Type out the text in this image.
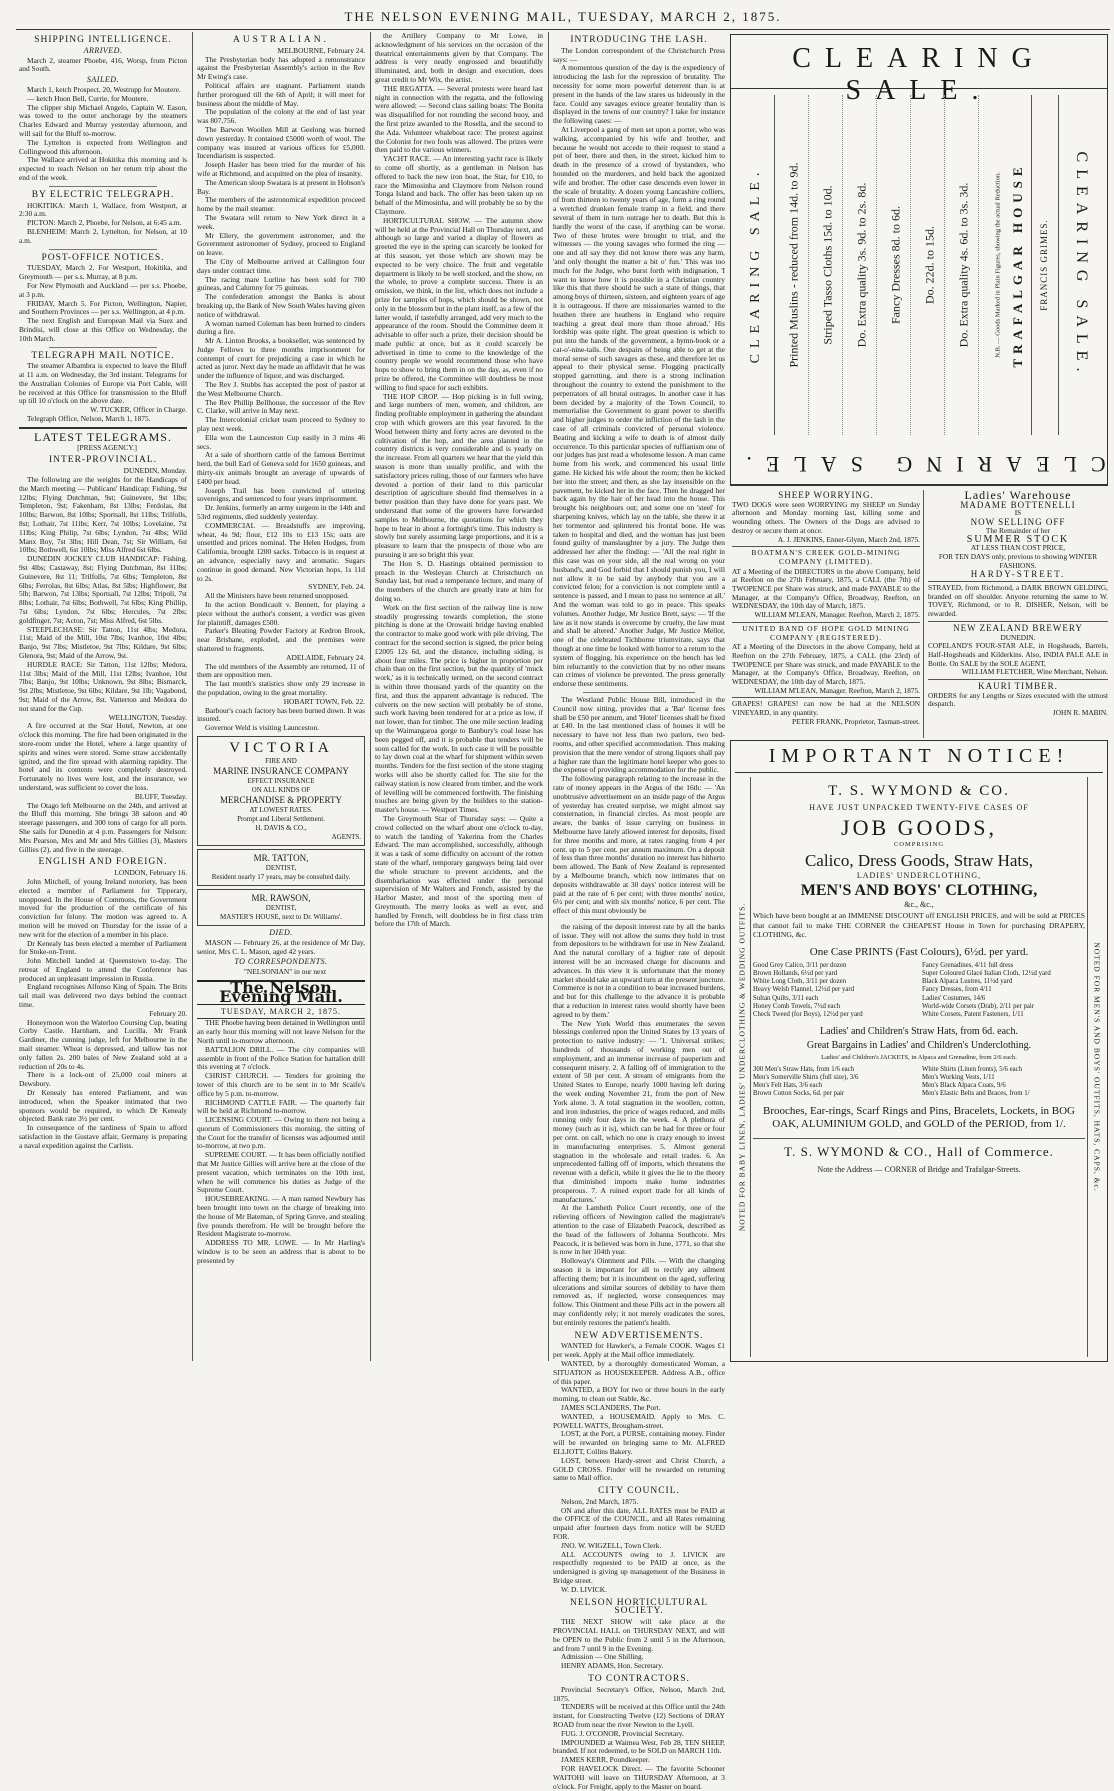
THE NELSON EVENING MAIL, TUESDAY, MARCH 2, 1875.
SHIPPING INTELLIGENCE.
ARRIVED.

March 2, steamer Phoebe, 416, Worsp, from Picton and South.

SAILED.

March 1, ketch Prospect, 20, Westrupp for Moutere.

— ketch Huon Bell, Currie, for Moutere.

The clipper ship Michael Angelo, Captain W. Eason, was towed to the outer anchorage by the steamers Charles Edward and Murray yesterday afternoon, and will sail for the Bluff to-morrow.

The Lyttelton is expected from Wellington and Collingwood this afternoon.

The Wallace arrived at Hokitika this morning and is expected to reach Nelson on her return trip about the end of the week.

BY ELECTRIC TELEGRAPH.

HOKITIKA: March 1, Wallace, from Westport, at 2:30 a.m.

PICTON: March 2, Phoebe, for Nelson, at 6:45 a.m.

BLENHEIM: March 2, Lyttelton, for Nelson, at 10 a.m.

POST-OFFICE NOTICES.

TUESDAY, March 2. For Westport, Hokitika, and Greymouth — per s.s. Murray, at 8 p.m.

For New Plymouth and Auckland — per s.s. Phoebe, at 3 p.m.

FRIDAY, March 5. For Picton, Wellington, Napier, and Southern Provinces — per s.s. Wellington, at 4 p.m.

The next English and European Mail via Suez and Brindisi, will close at this Office on Wednesday, the 10th March.

TELEGRAPH MAIL NOTICE.

The steamer Albambra is expected to leave the Bluff at 11 a.m. on Wednesday, the 3rd instant. Telegrams for the Australian Colonies of Europe via Port Cable, will be received at this Office for transmission to the Bluff up till 10 o'clock on the above date.

W. TUCKER, Officer in Charge.

Telegraph Office, Nelson, March 1, 1875.

LATEST TELEGRAMS.

[PRESS AGENCY.]

INTER-PROVINCIAL.

DUNEDIN, Monday.

The following are the weights for the Handicaps of the March meeting — Publicans' Handicap: Fishing, 9st 12lbs; Flying Dutchman, 9st; Guinevere, 9st 1lbs; Templeton, 9st; Fakenham, 8st 13lbs; Ferdolas, 8st 10lbs; Barwon, 8st 10lbs; Sportsall, 8st 11lbs; Trilfolls, 8st; Lothair, 7st 11lbs; Kerr, 7st 10lbs; Lovelaine, 7st 11lbs; King Philip, 7st 6lbs; Lyndon, 7st 4lbs; Wild Manx Boy, 7st 3lbs; Hill Dean, 7st; Sir William, 6st 10lbs; Bothwell, 6st 10lbs; Miss Alfred 6st 6lbs.

DUNEDIN JOCKEY CLUB HANDICAP: Fishing, 9st 4lbs; Castaway, 8st; Flying Dutchman, 8st 11lbs; Guinevere, 8st 11; Trilfolls, 7st 6lbs; Templeton, 8st 6lbs; Ferrolas, 8st 6lbs; Atlas, 8st 5lbs; Highflower, 8st 5lb; Barwon, 7st 13lbs; Sportsall, 7st 12lbs; Tripoli, 7st 8lbs; Lothair, 7st 6lbs; Bothwell, 7st 6lbs; King Phillip, 7st 6lbs; Lyndon, 7st 6lbs; Hercules, 7st 2lbs; goldfinger, 7st; Acton, 7st; Miss Alfred, 6st 5lbs.

STEEPLECHASE: Sir Tatton, 11st 4lbs; Medora, 11st; Maid of the Mill, 10st 7lbs; Ivanhoe, 10st 4lbs; Banjo, 9st 7lbs; Mistletoe, 9st 7lbs; Kildare, 9st 6lbs; Glenora, 9st; Maid of the Arrow, 9st.

HURDLE RACE: Sir Tatton, 11st 12lbs; Medora, 11st 3lbs; Maid of the Mill, 11st 12lbs; Ivanhoe, 10st 7lbs; Banjo, 9st 10lbs; Unknown, 9st 8lbs; Bismarck, 9st 2lbs; Mistletoe, 9st 6lbs; Kildare, 9st 1lb; Vagabond, 9st; Maid of the Arrow, 8st. Vatterton and Medora do not stand for the Cup.

WELLINGTON, Tuesday.

A fire occurred at the Star Hotel, Newton, at one o'clock this morning. The fire had been originated in the store-room under the Hotel, where a large quantity of spirits and wines were stored. Some straw accidentally ignited, and the fire spread with alarming rapidity. The hotel and its contents were completely destroyed. Fortunately no lives were lost, and the insurance, we understand, was sufficient to cover the loss.

BLUFF, Tuesday.

The Otago left Melbourne on the 24th, and arrived at the Bluff this morning. She brings 38 saloon and 40 steerage passengers, and 300 tons of cargo for all ports. She sails for Dunedin at 4 p.m. Passengers for Nelson: Mrs Pearson, Mrs and Mr and Mrs Gillies (3), Masters Gillies (2), and five in the steerage.

ENGLISH AND FOREIGN.

LONDON, February 16.

John Mitchell, of young Ireland notoriety, has been elected a member of Parliament for Tipperary, unopposed. In the House of Commons, the Government moved for the production of the certificate of his conviction for felony. The motion was agreed to. A motion will be moved on Thursday for the issue of a new writ for the election of a member in his place.

Dr Kenealy has been elected a member of Parliament for Stoke-on-Trent.

John Mitchell landed at Queenstown to-day. The retreat of England to attend the Conference has produced an unpleasant impression in Russia.

England recognises Alfonso King of Spain. The Brits tail mail was delivered two days behind the contract time.

February 20.

Honeymoon won the Waterloo Coursing Cup, beating Corby Castle. Harnham, and Lucilla. Mr Frank Gardiner, the cunning judge, left for Melbourne in the mail steamer. Wheat is depressed, and tallow has not only fallen 2s. 200 bales of New Zealand sold at a reduction of 20s to 4s.

There is a lock-out of 25,000 coal miners at Dewsbury.

Dr Kenealy has entered Parliament, and was introduced, when the Speaker intimated that two sponsors would be required, to which Dr Kenealy objected. Bank rate 3½ per cent.

In consequence of the tardiness of Spain to afford satisfaction in the Gustave affair, Germany is preparing a naval expedition against the Carlists.

AUSTRALIAN.

MELBOURNE, February 24.

The Presbyterian body has adopted a remonstrance against the Presbyterian Assembly's action in the Rev Mr Ewing's case.

Political affairs are stagnant. Parliament stands further prorogued till the 6th of April; it will meet for business about the middle of May.

The population of the colony at the end of last year was 807,756.

The Barwon Woollen Mill at Geelong was burned down yesterday. It contained £5000 worth of wool. The company was insured at various offices for £5,000. Incendiarism is suspected.

Joseph Hasler has been tried for the murder of his wife at Richmond, and acquitted on the plea of insanity.

The American sloop Swatara is at present in Hobson's Bay.

The members of the astronomical expedition proceed home by the mail steamer.

The Swatara will return to New York direct in a week.

Mr Ellery, the government astronomer, and the Government astronomer of Sydney, proceed to England on leave.

The City of Melbourne arrived at Callington four days under contract time.

The racing mare Lurline has been sold for 700 guineas, and Calumny for 75 guineas.

The confederation amongst the Banks is about breaking up, the Bank of New South Wales having given notice of withdrawal.

A woman named Coleman has been burned to cinders during a fire.

Mr A. Linton Brooks, a bookseller, was sentenced by Judge Fellows to three months imprisonment for contempt of court for prejudicing a case in which he acted as juror. Next day he made an affidavit that he was under the influence of liquor, and was discharged.

The Rev J. Stubbs has accepted the post of pastor at the West Melbourne Church.

The Rev Phillip Bellhouse, the successor of the Rev C. Clarke, will arrive in May next.

The Intercolonial cricket team proceed to Sydney to play next week.

Ella won the Launceston Cup easily in 3 mins 46 secs.

At a sale of shorthorn cattle of the famous Berrimut herd, the bull Earl of Geneva sold for 1650 guineas, and thirty-six animals brought an average of upwards of £400 per head.

Joseph Trail has been convicted of uttering sovereigns, and sentenced to four years imprisonment.

Dr. Jenkins, formerly an army surgeon in the 14th and 53rd regiments, died suddenly yesterday.

COMMERCIAL — Breadstuffs are improving, wheat, 4s 9d; flour, £12 10s to £13 15s; oats are unsettled and prices nominal. The Helen Hodges, from California, brought 1200 sacks. Tobacco is in request at an advance, especially navy and aromatic. Sugars continue in good demand. New Victorian hops, 1s 11d to 2s.

SYDNEY, Feb. 24.

All the Ministers have been returned unopposed.

In the action Bondicault v. Bennett, for playing a piece without the author's consent, a verdict was given for plaintiff, damages £500.

Parker's Bleating Powder Factory at Kedron Brook, near Brisbane, exploded, and the premises were shattered to fragments.

ADELAIDE, February 24.

The old members of the Assembly are returned, 11 of them are opposition men.

The last month's statistics show only 29 increase in the population, owing to the great mortality.

HOBART TOWN, Feb. 22.

Barbour's coach factory has been burned down. It was insured.

Governor Weld is visiting Launceston.

VICTORIA
FIRE AND
MARINE INSURANCE COMPANY
EFFECT INSURANCE
ON ALL KINDS OF
MERCHANDISE & PROPERTY
AT LOWEST RATES.
Prompt and Liberal Settlement.
H. DAVIS & CO.,
AGENTS.
MR. TATTON,
DENTIST,
Resident nearly 17 years, may be consulted daily.
MR. RAWSON,
DENTIST,
MASTER'S HOUSE, next to Dr. Williams'.
DIED.

MASON — February 26, at the residence of Mr Day, senior, Mrs C. L. Mason, aged 42 years.

TO CORRESPONDENTS.

"NELSONIAN" in our next

The Nelson Evening Mail.
TUESDAY, MARCH 2, 1875.

THE Phoebe having been detained in Wellington until an early hour this morning will not leave Nelson for the North until to-morrow afternoon.

BATTALION DRILL. — The city companies will assemble in front of the Police Station for battalion drill this evening at 7 o'clock.

CHRIST CHURCH. — Tenders for groining the tower of this church are to be sent in to Mr Scaife's office by 5 p.m. to-morrow.

RICHMOND CATTLE FAIR. — The quarterly fair will be held at Richmond to-morrow.

LICENSING COURT. — Owing to there not being a quorum of Commissioners this morning, the sitting of the Court for the transfer of licenses was adjourned until to-morrow, at two p.m.

SUPREME COURT. — It has been officially notified that Mr Justice Gillies will arrive here at the close of the present vacation, which terminates on the 10th inst, when he will commence his duties as Judge of the Supreme Court.

HOUSEBREAKING. — A man named Newbury has been brought into town on the charge of breaking into the house of Mr Bateman, of Spring Grove, and stealing five pounds therefrom. He will be brought before the Resident Magistrate to-morrow.

ADDRESS TO MR. LOWE. — In Mr Harling's window is to be seen an address that is about to be presented by

the Artillery Company to Mr Lowe, in acknowledgment of his services on the occasion of the theatrical entertainments given by that Company. The address is very neatly engrossed and beautifully illuminated, and, both in design and execution, does great credit to Mr Wix, the artist.

THE REGATTA. — Several protests were heard last night in connection with the regatta, and the following were allowed: — Second class sailing boats: The Bonita was disqualified for not rounding the second buoy, and the first prize awarded to the Rosella, and the second to the Ada. Volunteer whaleboat race: The protest against the Colonist for two fouls was allowed. The prizes were then paid to the various winners.

YACHT RACE. — An interesting yacht race is likely to come off shortly, as a gentleman in Nelson has offered to back the new iron boat, the Star, for £10, to race the Mimosinha and Claymore from Nelson round Tonga Island and back. The offer has been taken up on behalf of the Mimosinha, and will probably be so by the Claymore.

HORTICULTURAL SHOW. — The autumn show will be held at the Provincial Hall on Thursday next, and although so large and varied a display of flowers as greeted the eye in the spring can scarcely be looked for at this season, yet those which are shown may be expected to be very choice. The fruit and vegetable department is likely to be well stocked, and the show, on the whole, to prove a complete success. There is an omission, we think, in the list, which does not include a prize for samples of hops, which should be shown, not only in the blossom but in the plant itself, as a few of the latter would, if tastefully arranged, add very much to the appearance of the room. Should the Committee deem it advisable to offer such a prize, their decision should be made public at once, but as it could scarcely be advertised in time to come to the knowledge of the country people we would recommend those who have hops to show to bring them in on the day, as, even if no prize be offered, the Committee will doubtless be most willing to find space for such exhibits.

THE HOP CROP. — Hop picking is in full swing, and large numbers of men, women, and children, are finding profitable employment in gathering the abundant crop with which growers are this year favored. In the Wood between thirty and forty acres are devoted to the cultivation of the hop, and the area planted in the country districts is very considerable and is yearly on the increase. From all quarters we hear that the yield this season is more than usually prolific, and with the satisfactory prices ruling, those of our farmers who have devoted a portion of their land to this particular description of agriculture should find themselves in a better position than they have done for years past. We understand that some of the growers have forwarded samples to Melbourne, the quotations for which they hope to hear in about a fortnight's time. This industry is slowly but surely assuming large proportions, and it is a pleasure to learn that the prospects of those who are pursuing it are so bright this year.

The Hon S. D. Hastings obtained permission to preach in the Wesleyan Church at Christchurch on Sunday last, but read a temperance lecture, and many of the members of the church are greatly irate at him for doing so.

Work on the first section of the railway line is now steadily progressing towards completion, the stone pitching is done at the Orowaiti bridge having enabled the contractor to make good work with pile driving. The contract for the second section is signed, the price being £2005 12s 6d, and the distance, including siding, is about four miles. The price is higher in proportion per chain than on the first section, but the quantity of 'muck work,' as it is technically termed, on the second contract is within three thousand yards of the quantity on the first, and thus the apparent advantage is reduced. The culverts on the new section will probably be of stone, such work having been tendered for at a price as low, if not lower, than for timber. The one mile section leading up the Waimangaroa gorge to Banbury's coal lease has been pegged off, and it is probable that tenders will be soon called for the work. In such case it will be possible to lay down coal at the wharf for shipment within seven months. Tenders for the first section of the stone staging works will also be shortly called for. The site for the railway station is now cleared from timber, and the work of levelling will be commenced forthwith. The finishing touches are being given by the builders to the station-master's house. — Westport Times.

The Greymouth Star of Thursday says: — Quite a crowd collected on the wharf about one o'clock to-day, to watch the landing of Yakerina from the Charles Edward. The man accomplished, successfully, although it was a task of some difficulty on account of the rotten state of the wharf, temporary gangways being laid over the whole structure to prevent accidents, and the disembarkation was effected under the personal supervision of Mr Walters and French, assisted by the Harbor Master, and most of the sporting men of Greymouth. The merry looks as well as ever, and handled by French, will doubtless be in first class trim before the 17th of March.

INTRODUCING THE LASH.

The London correspondent of the Christchurch Press says: —

A momentous question of the day is the expediency of introducing the lash for the repression of brutality. The necessity for some more powerful deterrent than is at present in the hands of the law stares us hideously in the face. Could any savages evince greater brutality than is displayed in the towns of our country? I take for instance the following cases: —

At Liverpool a gang of men set upon a porter, who was walking, accompanied by his wife and brother, and because he would not accede to their request to stand a pot of beer, there and then, in the street, kicked him to death in the presence of a crowd of bystanders, who hounded on the murderers, and held back the agonized wife and brother. The other case descends even lower in the scale of brutality. A dozen young Lancashire colliers, of from thirteen to twenty years of age, form a ring round a wretched drunken female tramp in a field, and there several of them in turn outrage her to death. But this is hardly the worst of the case, if anything can be worse. Two of these brutes were brought to trial, and the witnesses — the young savages who formed the ring — one and all say they did not know there was any harm, 'and only thought the matter a bit o' fun.' This was too much for the Judge, who burst forth with indignation, 'I want to know how it is possible in a Christian country like this that there should be such a state of things, that among boys of thirteen, sixteen, and eighteen years of age it is outrageous. If there are missionaries wanted to the heathen there are heathens in England who require teaching a great deal more than those abroad.' His lordship was quite right. The great question is which to put into the hands of the government, a hymn-book or a cat-o'-nine-tails. One despairs of being able to get at the moral sense of such savages as these, and therefore let us appeal to their physical sense. Flogging practically stopped garrotting, and there is a strong inclination throughout the country to extend the punishment to the perpetrators of all brutal outrages. In another case it has been decided by a majority of the Town Council, to memorialise the Government to grant power to sheriffs and higher judges to order the infliction of the lash in the case of all criminals convicted of personal violence. Beating and kicking a wife to death is of almost daily occurrence. To this particular species of ruffianism one of our judges has just read a wholesome lesson. A man came home from his work, and commenced his usual little game. He kicked his wife about the room; then he kicked her into the street; and then, as she lay insensible on the pavement, he kicked her in the face. Then he dragged her back again by the hair of her head into the house. This brought his neighbours out; and some one on 'steel' for sharpening knives, which lay on the table, she threw it at her tormentor and splintered his frontal bone. He was taken to hospital and died, and the woman has just been found guilty of manslaughter by a jury. The Judge then addressed her after the finding: — 'All the real right in this case was on your side, all the real wrong on your husband's, and God forbid that I should punish you, I will not allow it to be said by anybody that you are a convicted felon; for a conviction is not complete until a sentence is passed, and I mean to pass no sentence at all.' And the woman was told to go in peace. This speaks volumes. Another Judge, Mr Justice Brett, says: — 'If the law as it now stands is overcome by cruelty, the law must and shall be altered.' Another Judge, Mr Justice Mellor, one of the celebrated Tichborne triumvirate, says that though at one time he looked with horror to a return to the system of flogging, his experience on the bench has led him reluctantly to the conviction that by no other means can crimes of violence be prevented. The press generally endorse these sentiments.

The Westland Public House Bill, introduced in the Council now sitting, provides that a 'Bar' license fees shall be £50 per annum, and 'Hotel' licenses shall be fixed at £40. In the last mentioned class of houses it will be necessary to have not less than two parlors, two bed-rooms, and other specified accommodation. Thus making provision that the mere vendor of strong liquors shall pay a higher rate than the legitimate hotel keeper who goes to the expense of providing accommodation for the public.

The following paragraph relating to the increase in the rate of money appears in the Argus of the 16th: — 'An unobtrusive advertisement on an inside page of the Argus of yesterday has created surprise, we might almost say consternation, in financial circles. As most people are aware, the banks of issue carrying on business in Melbourne have lately allowed interest for deposits, fixed for three months and more, at rates ranging from 4 per cent. up to 5 per cent. per annum maximum. On a deposit of less than three months' duration no interest has hitherto been allowed. The Bank of New Zealand is represented by a Melbourne branch, which now intimates that on deposits withdrawable at 30 days' notice interest will be paid at the rate of 6 per cent; with three months' notice, 6½ per cent; and with six months' notice, 6 per cent. The effect of this must obviously be

the raising of the deposit interest rate by all the banks of issue. They will not allow the sums they hold in trust from depositors to be withdrawn for use in New Zealand. And the natural corollary of a higher rate of deposit interest will be an increased charge for discounts and advances. In this view it is unfortunate that the money market should take an upward turn at the present juncture. Commerce is not in a condition to bear increased burdens, and but for this challenge to the advance it is probable that a reduction in interest rates would shortly have been agreed to by them.'

The New York World thus enumerates the seven blessings conferred upon the United States by 13 years of protection to native industry: — '1. Universal strikes; hundreds of thousands of working men out of employment, and an immense increase of pauperism and consequent misery. 2. A falling off of immigration to the extent of 50 per cent. A stream of emigrants from the United States to Europe, nearly 1000 having left during the week ending November 21, from the port of New York alone. 3. A total stagnation in the woollen, cotton, and iron industries, the price of wages reduced, and mills running only four days in the week. 4. A plethora of money (such as it is), which can be had for three or four per cent. on call, which no one is crazy enough to invest in manufacturing enterprises. 5. Almost general stagnation in the wholesale and retail trades. 6. An unprecedented falling off of imports, which threatens the revenue with a deficit, while it gives the lie to the theory that diminished imports make home industries prosperous. 7. A ruined export trade for all kinds of manufactures.'

At the Lambeth Police Court recently, one of the relieving officers of Newington called the magistrate's attention to the case of Elizabeth Peacock, described as the head of the followers of Johanna Southcote. Mrs Peacock, it is believed was born in June, 1771, so that she is now in her 104th year.

Holloway's Ointment and Pills. — With the changing season it is important for all to rectify any ailment affecting them; but it is incumbent on the aged, suffering ulcerations and similar sources of debility to have them removed as, if neglected, worse consequences may follow. This Ointment and these Pills act in the powers all may confidently rely; it not merely eradicates the sores, but entirely restores the patient's health.

NEW ADVERTISEMENTS.

WANTED for Hawker's, a Female COOK. Wages £1 per week. Apply at the Mail office immediately.

WANTED, by a thoroughly domesticated Woman, a SITUATION as HOUSEKEEPER. Address A.B., office of this paper.

WANTED, a BOY for two or three hours in the early morning, to clean out Stable, &c.

JAMES SCLANDERS, The Port.

WANTED, a HOUSEMAID. Apply to Mrs. C. POWELL WATTS, Brougham-street.

LOST, at the Port, a PURSE, containing money. Finder will be rewarded on bringing same to Mr. ALFRED ELLIOTT, Collins Bakery.

LOST, between Hardy-street and Christ Church, a GOLD CROSS. Finder will be rewarded on returning same to Mail office.

CITY COUNCIL.

Nelson, 2nd March, 1875.

ON and after this date, ALL RATES must be PAID at the OFFICE of the COUNCIL, and all Rates remaining unpaid after fourteen days from notice will be SUED FOR.

JNO. W. WIGZELL, Town Clerk.

ALL ACCOUNTS owing to J. LIVICK are respectfully requested to be PAID at once, as the undersigned is giving up management of the Business in Bridge street.

W. D. LIVICK.

NELSON HORTICULTURAL SOCIETY.

THE NEXT SHOW will take place at the PROVINCIAL HALL on THURSDAY NEXT, and will be OPEN to the Public from 2 until 5 in the Afternoon, and from 7 until 9 in the Evening.

Admission — One Shilling.

HENRY ADAMS, Hon. Secretary.

TO CONTRACTORS.

Provincial Secretary's Office, Nelson, March 2nd, 1875.

TENDERS will be received at this Office until the 24th instant, for Constructing Twelve (12) Sections of DRAY ROAD from near the river Newton to the Lyell.

FUG. J. O'CONOR, Provincial Secretary.

IMPOUNDED at Waimea West, Feb 28, TEN SHEEP, branded. If not redeemed, to be SOLD on MARCH 11th.

JAMES KERR, Poundkeeper.

FOR HAVELOCK Direct. — The favorite Schooner WAITOHI will leave on THURSDAY Afternoon, at 3 o'clock. For Freight, apply to the Master on board.

CLEARING SALE.
CLEARING SALE. Printed Muslins - reduced from 14d. to 9d. Striped Tasso Cloths 15d. to 10d. Do. Extra quality 3s. 9d. to 2s. 8d. Fancy Dresses 8d. to 6d. Do. 22d. to 15d. Do. Extra quality 4s. 6d. to 3s. 3d.	N.B. — Goods Marked in Plain Figures, showing the actual Reduction. TRAFALGAR HOUSE FRANCIS GRIMES. CLEARING SALE.
CLEARING SALE.
SHEEP WORRYING.

TWO DOGS were seen WORRYING my SHEEP on Sunday afternoon and Monday morning last, killing some and wounding others. The Owners of the Dogs are advised to destroy or secure them at once.

A. J. JENKINS, Enner-Glynn, March 2nd, 1875.

BOATMAN'S CREEK GOLD-MINING COMPANY (LIMITED).

AT a Meeting of the DIRECTORS in the above Company, held at Reefton on the 27th February, 1875, a CALL (the 7th) of TWOPENCE per Share was struck, and made PAYABLE to the Manager, at the Company's Office, Broadway, Reefton, on WEDNESDAY, the 10th day of March, 1875.

WILLIAM M'LEAN, Manager. Reefton, March 2, 1875.

UNITED BAND OF HOPE GOLD MINING COMPANY (REGISTERED).

AT a Meeting of the Directors in the above Company, held at Reefton on the 27th February, 1875, a CALL (the 23rd) of TWOPENCE per Share was struck, and made PAYABLE to the Manager, at the Company's Office, Broadway, Reefton, on WEDNESDAY, the 10th day of March, 1875.

WILLIAM M'LEAN, Manager. Reefton, March 2, 1875.

GRAPES! GRAPES! can now be had at the NELSON VINEYARD, in any quantity.

PETER FRANK, Proprietor, Tasman-street.

Ladies' Warehouse

MADAME BOTTENELLI

IS

NOW SELLING OFF

The Remainder of her

SUMMER STOCK

AT LESS THAN COST PRICE,

FOR TEN DAYS only, previous to showing WINTER FASHIONS.

HARDY-STREET.

STRAYED, from Richmond, a DARK BROWN GELDING, branded on off shoulder. Anyone returning the same to W. TOVEY, Richmond, or to R. DISHER, Nelson, will be rewarded.

NEW ZEALAND BREWERY

DUNEDIN.

COPELAND'S FOUR-STAR ALE, in Hogsheads, Barrels, Half-Hogsheads and Kilderkins. Also, INDIA PALE ALE in Bottle. On SALE by the SOLE AGENT,

WILLIAM FLETCHER, Wine Merchant, Nelson.

KAURI TIMBER.

ORDERS for any Lengths or Sizes executed with the utmost despatch.

JOHN R. MABIN.

IMPORTANT NOTICE!
NOTED FOR BABY LINEN, LADIES' UNDERCLOTHING & WEDDING OUTFITS.	NOTED FOR MEN'S AND BOYS' OUTFITS, HATS, CAPS, &c.
T. S. WYMOND & CO.
HAVE JUST UNPACKED TWENTY-FIVE CASES OF
JOB GOODS,
COMPRISING
Calico, Dress Goods, Straw Hats,
LADIES' UNDERCLOTHING,
MEN'S AND BOYS' CLOTHING,
&c., &c.,
Which have been bought at an IMMENSE DISCOUNT off ENGLISH PRICES, and will be sold at PRICES that cannot fail to make THE CORNER the CHEAPEST House in Town for purchasing DRAPERY, CLOTHING, &c.
One Case PRINTS (Fast Colours), 6½d. per yard.
Good Grey Calico, 3/11 per dozen
Brown Hollands, 6½d per yard
White Long Cloth, 3/11 per dozen
Heavy Welsh Flannel, 12½d per yard
Sultan Quilts, 3/11 each
Honey Comb Towels, 7½d each
Check Tweed (for Boys), 12½d per yard
Fancy Grenadines, 4/11 full dress
Super Coloured Glacé Italian Cloth, 12½d yard
Black Alpaca Lustres, 11½d yard
Fancy Dresses, from 4/11
Ladies' Costumes, 14/6
World-wide Corsets (Drab), 2/11 per pair
White Corsets, Patent Fasteners, 1/11
Ladies' and Children's Straw Hats, from 6d. each.
Great Bargains in Ladies' and Children's Underclothing.
Ladies' and Children's JACKETS, in Alpaca and Grenadine, from 2/6 each.
300 Men's Straw Hats, from 1/6 each
Men's Somerville Shirts (full size), 3/6
Men's Felt Hats, 3/6 each
Brown Cotton Socks, 6d. per pair
White Shirts (Linen fronts), 5/6 each
Men's Working Vests, 1/11
Men's Black Alpaca Coats, 9/6
Men's Elastic Belts and Braces, from 1/
Brooches, Ear-rings, Scarf Rings and Pins, Bracelets, Lockets, in BOG OAK, ALUMINIUM GOLD, and GOLD of the PERIOD, from 1/.
T. S. WYMOND & CO., Hall of Commerce.
Note the Address — CORNER of Bridge and Trafalgar-Streets.
